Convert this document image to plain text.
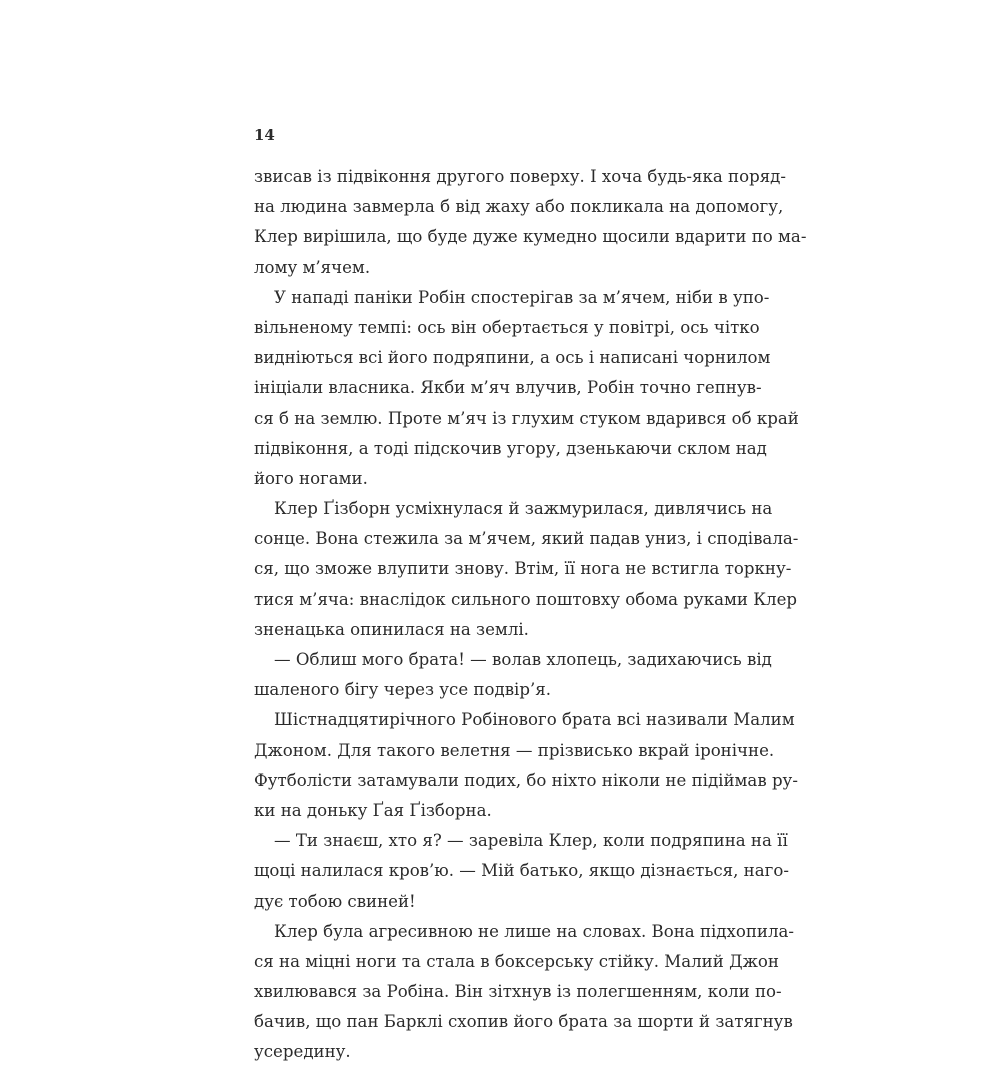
14
звисав із підвіконня другого поверху. І хоча будь-яка поряд-
на людина завмерла б від жаху або покликала на допомогу,
Клер вирішила, що буде дуже кумедно щосили вдарити по ма-
лому м’ячем.
У нападі паніки Робін спостерігав за м’ячем, ніби в упо-
вільненому темпі: ось він обертається у повітрі, ось чітко
видніються всі його подряпини, а ось і написані чорнилом
ініціали власника. Якби м’яч влучив, Робін точно гепнув-
ся б на землю. Проте м’яч із глухим стуком вдарився об край
підвіконня, а тоді підскочив угору, дзенькаючи склом над
його ногами.
Клер Ґізборн усміхнулася й зажмурилася, дивлячись на
сонце. Вона стежила за м’ячем, який падав униз, і сподівала-
ся, що зможе влупити знову. Втім, її нога не встигла торкну-
тися м’яча: внаслідок сильного поштовху обома руками Клер
зненацька опинилася на землі.
— Облиш мого брата! — волав хлопець, задихаючись від
шаленого бігу через усе подвір’я.
Шістнадцятирічного Робінового брата всі називали Малим
Джоном. Для такого велетня — прізвисько вкрай іронічне.
Футболісти затамували подих, бо ніхто ніколи не підіймав ру-
ки на доньку Ґая Ґізборна.
— Ти знаєш, хто я? — заревіла Клер, коли подряпина на її
щоці налилася кров’ю. — Мій батько, якщо дізнається, наго-
дує тобою свиней!
Клер була агресивною не лише на словах. Вона підхопила-
ся на міцні ноги та стала в боксерську стійку. Малий Джон
хвилювався за Робіна. Він зітхнув із полегшенням, коли по-
бачив, що пан Барклі схопив його брата за шорти й затягнув
усередину.
